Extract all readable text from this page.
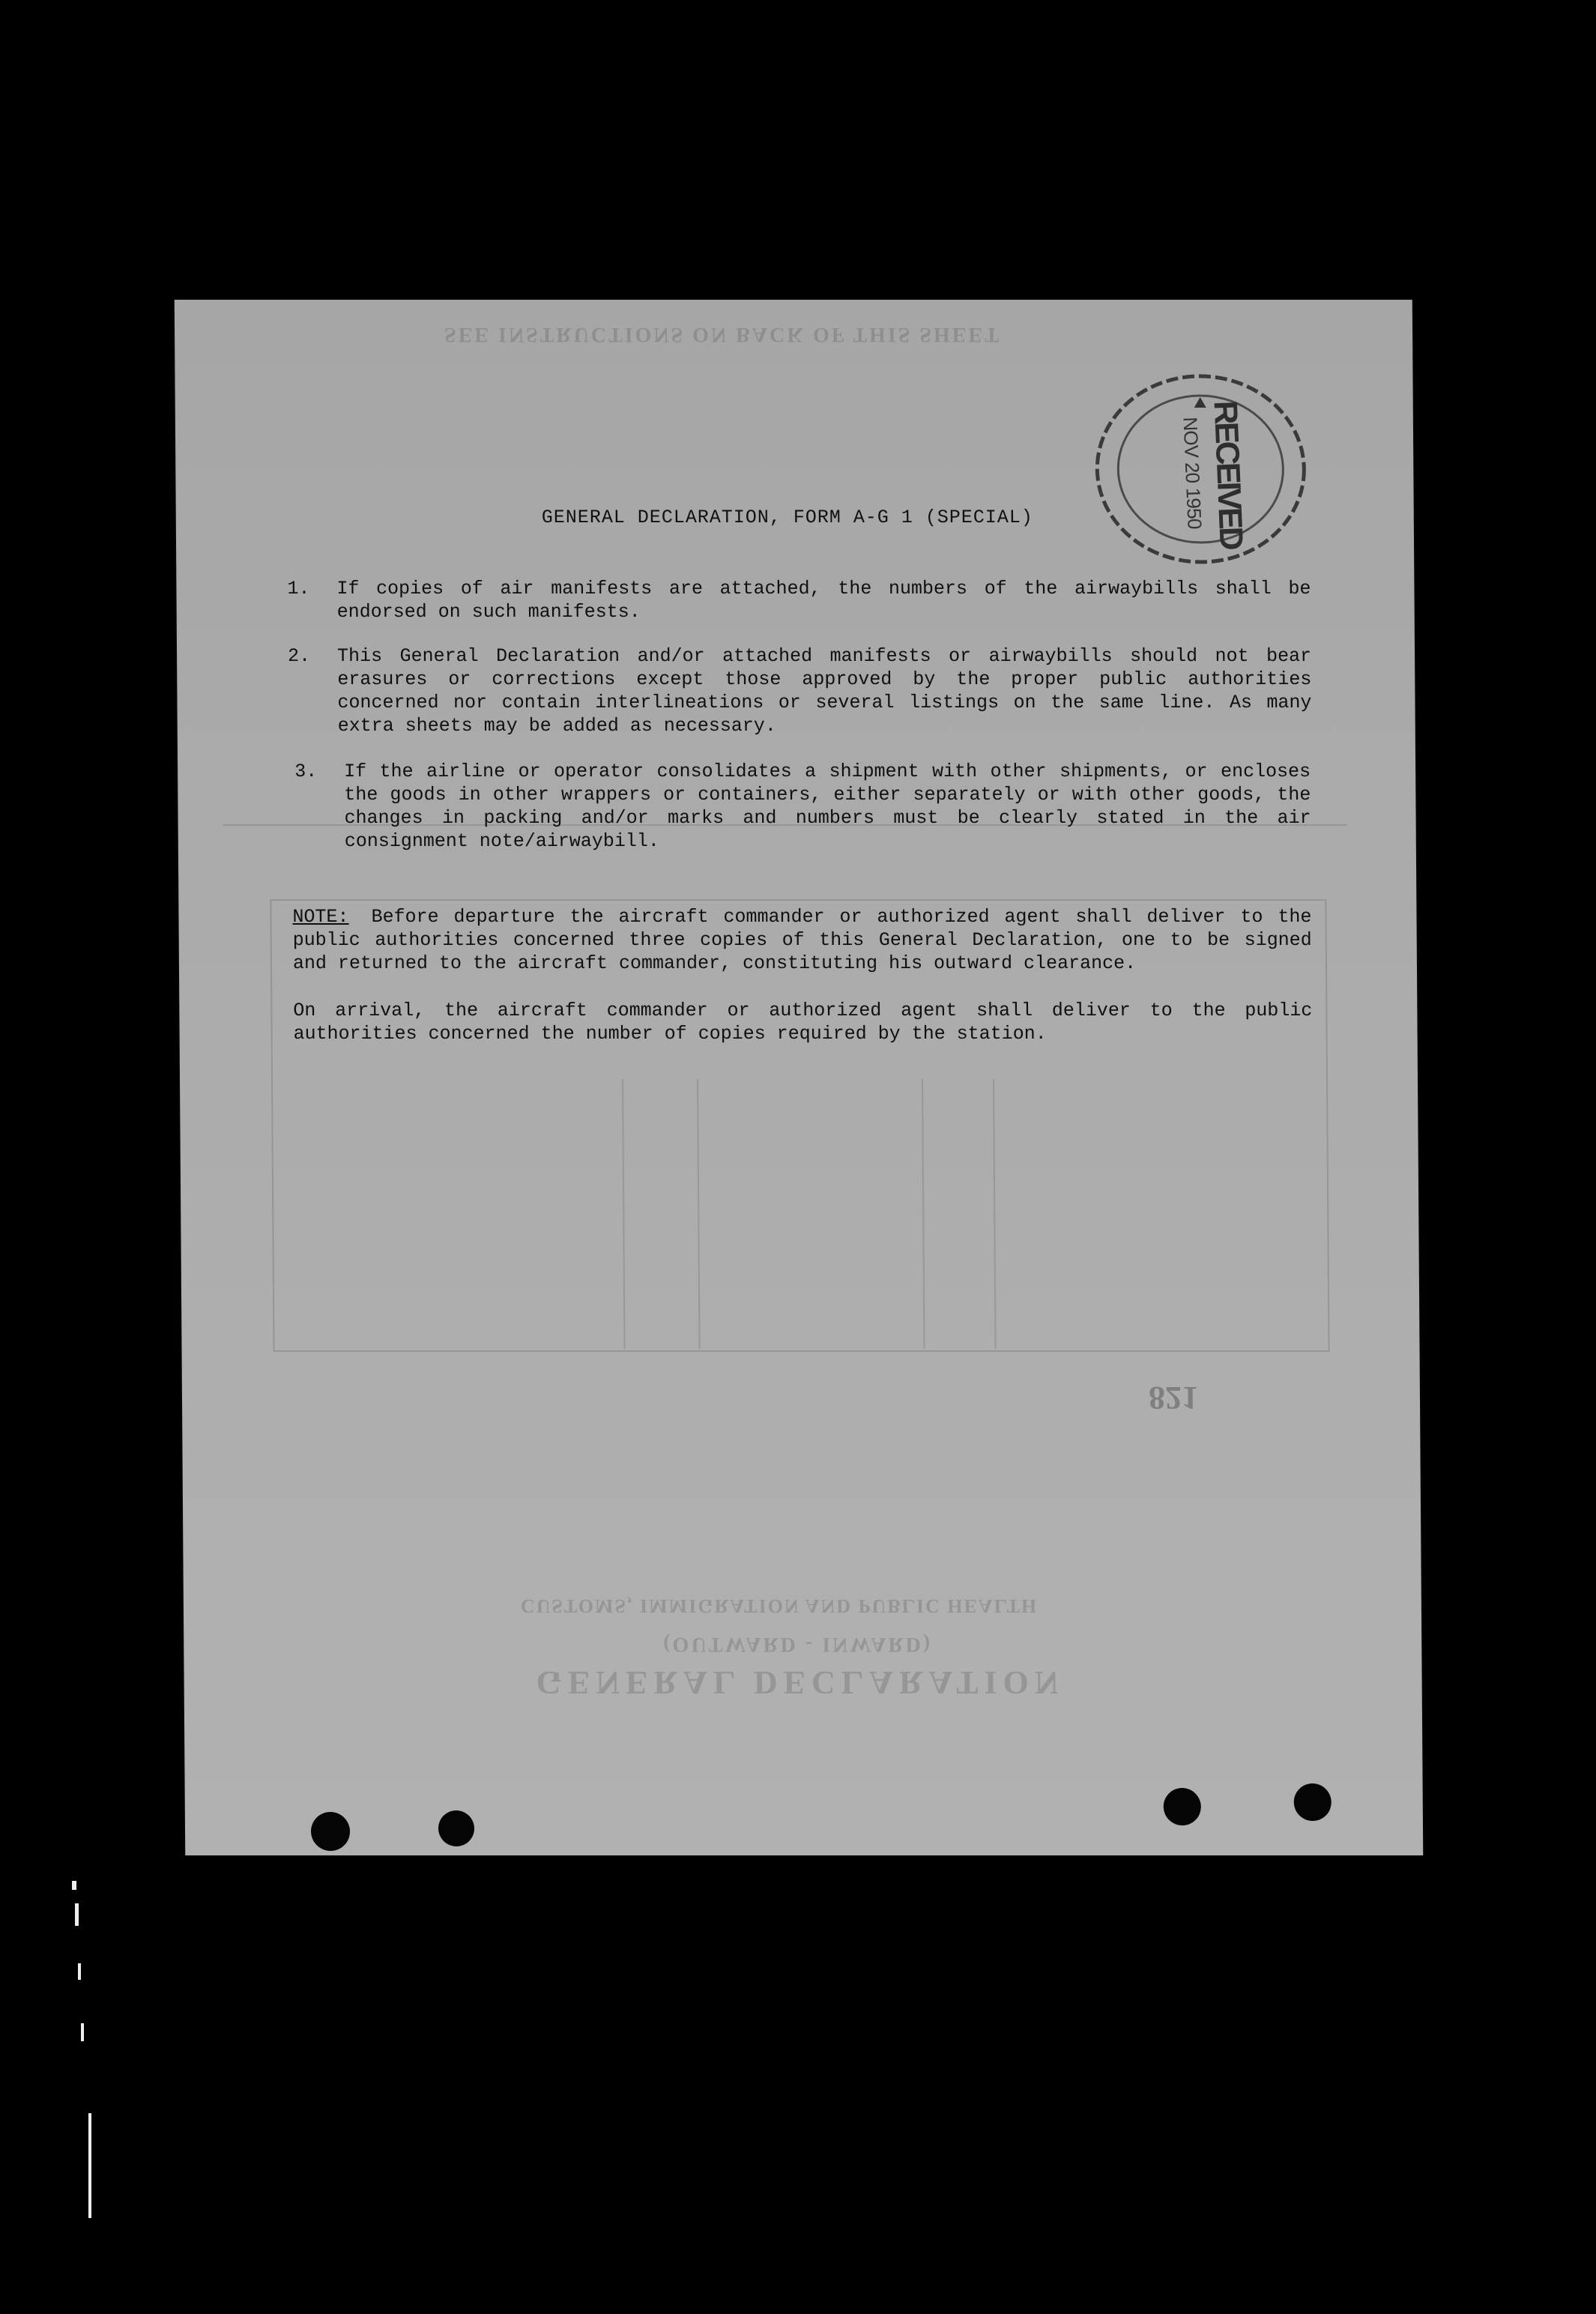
SEE INSTRUCTIONS ON BACK OF THIS SHEET
821
CUSTOMS, IMMIGRATION AND PUBLIC HEALTH
(OUTWARD - INWARD)
GENERAL DECLARATION
GENERAL DECLARATION, FORM A-G 1 (SPECIAL)
1. If copies of air manifests are attached, the numbers of the airwaybills shall be endorsed on such manifests.
2. This General Declaration and/or attached manifests or airwaybills should not bear erasures or corrections except those approved by the proper public authorities concerned nor contain interlineations or several listings on the same line. As many extra sheets may be added as necessary.
3. If the airline or operator consolidates a shipment with other shipments, or encloses the goods in other wrappers or containers, either separately or with other goods, the changes in packing and/or marks and numbers must be clearly stated in the air consignment note/airwaybill.

NOTE: Before departure the aircraft commander or authorized agent shall deliver to the public authorities concerned three copies of this General Declaration, one to be signed and returned to the aircraft commander, constituting his outward clearance.

On arrival, the aircraft commander or authorized agent shall deliver to the public authorities concerned the number of copies required by the station.

RECEIVED
NOV 20 1950
